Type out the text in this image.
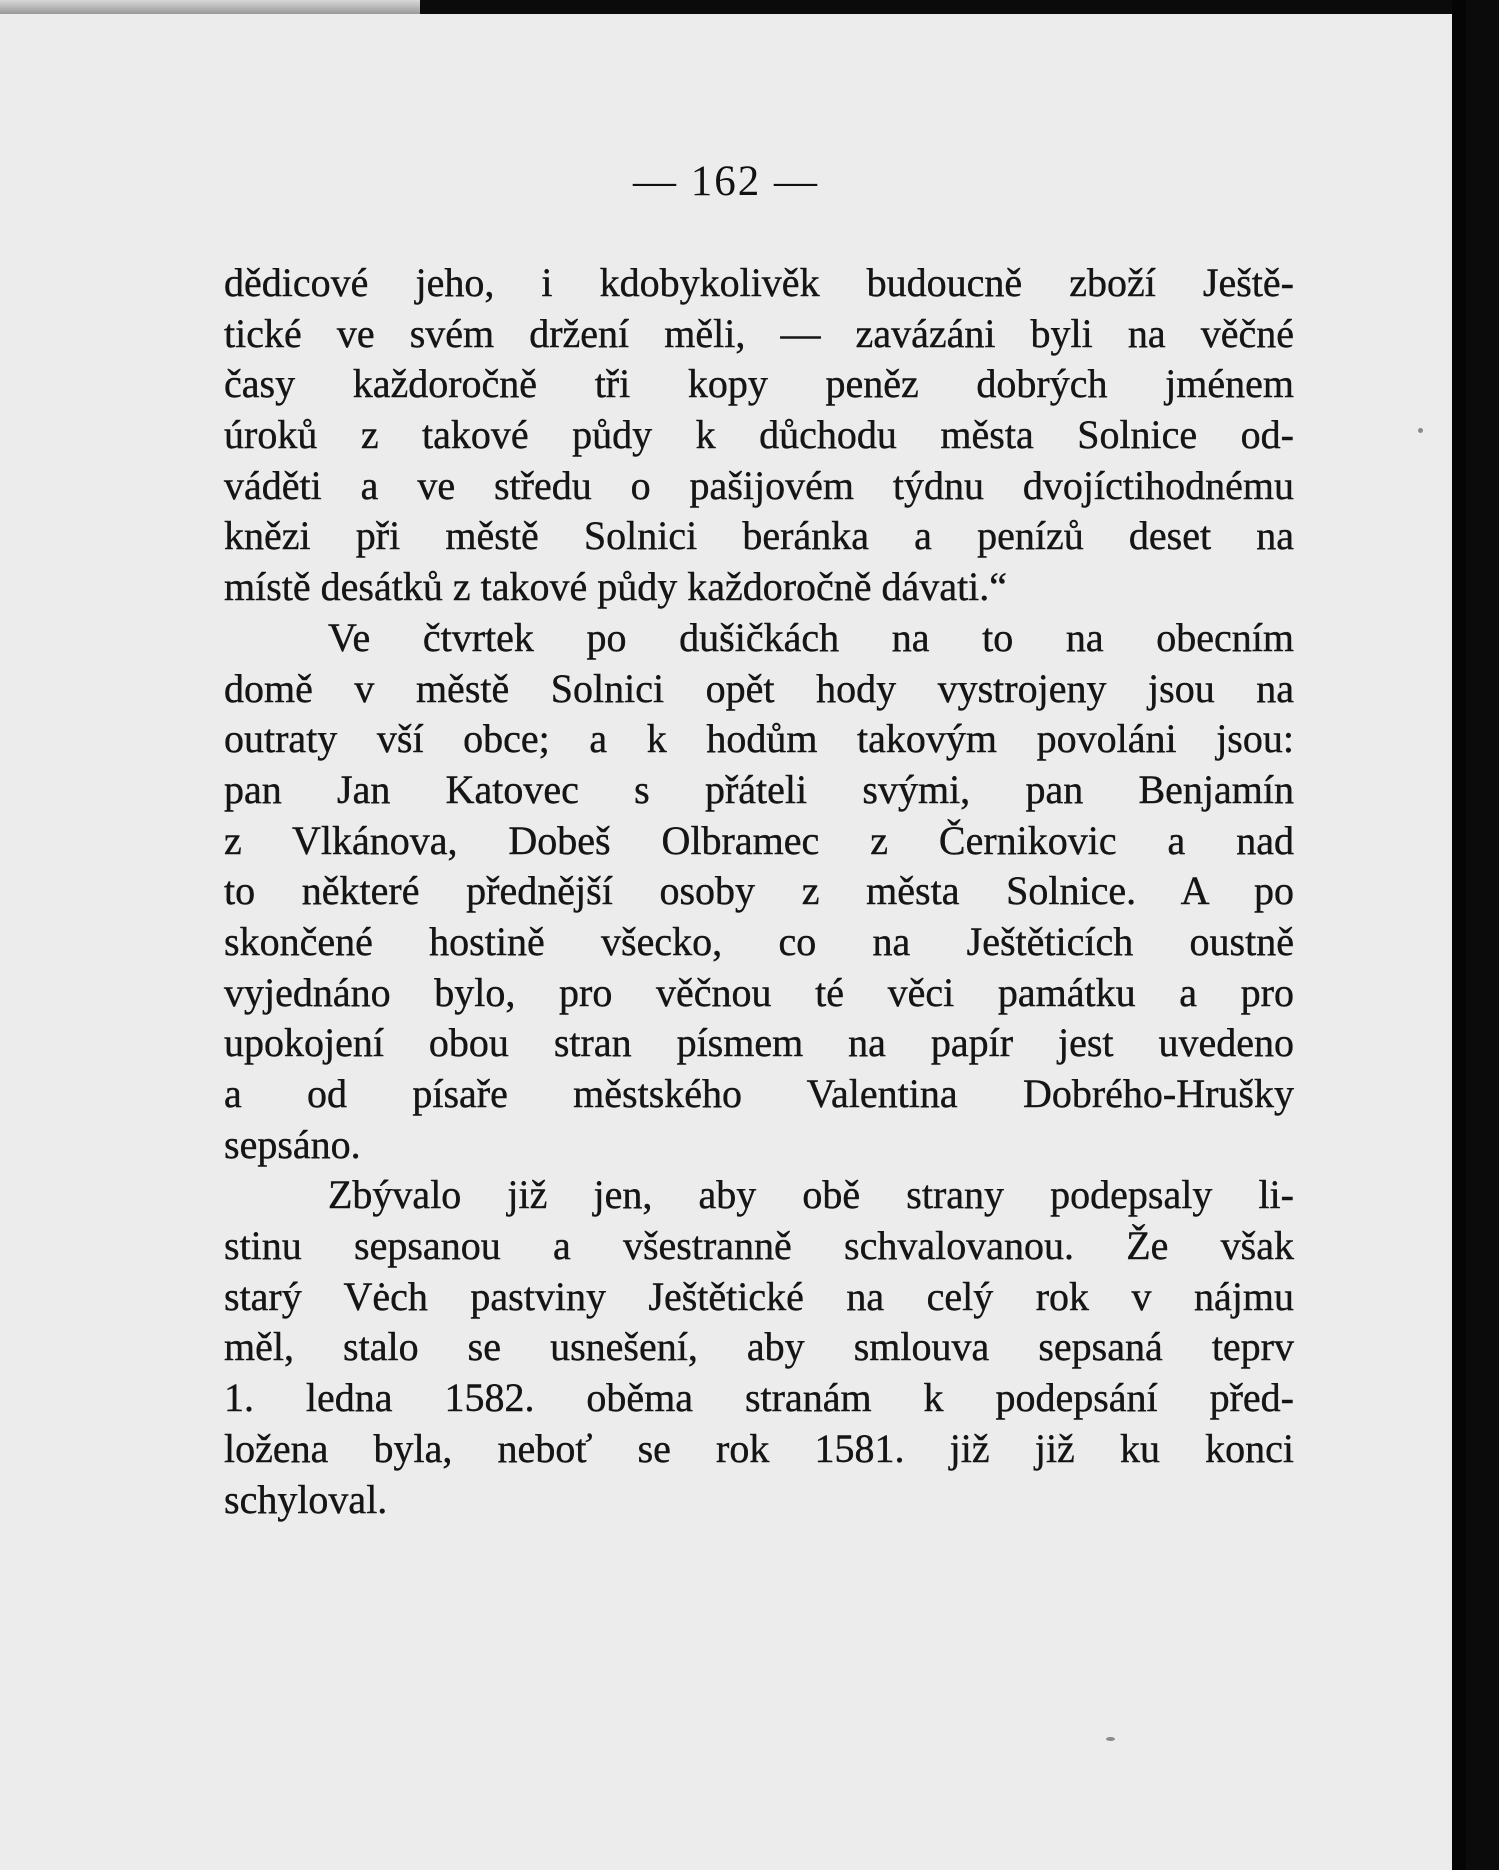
— 162 —
dědicové jeho, i kdobykolivěk budoucně zboží Ještě-
tické ve svém držení měli, — zavázáni byli na věčné
časy každoročně tři kopy peněz dobrých jménem
úroků z takové půdy k důchodu města Solnice od-
váděti a ve středu o pašijovém týdnu dvojíctihodnému
knězi při městě Solnici beránka a penízů deset na
místě desátků z takové půdy každoročně dávati.“
Ve čtvrtek po dušičkách na to na obecním
domě v městě Solnici opět hody vystrojeny jsou na
outraty vší obce; a k hodům takovým povoláni jsou:
pan Jan Katovec s přáteli svými, pan Benjamín
z Vlkánova, Dobeš Olbramec z Černikovic a nad
to některé přednější osoby z města Solnice. A po
skončené hostině všecko, co na Ještěticích oustně
vyjednáno bylo, pro věčnou té věci památku a pro
upokojení obou stran písmem na papír jest uvedeno
a od písaře městského Valentina Dobrého-Hrušky
sepsáno.
Zbývalo již jen, aby obě strany podepsaly li-
stinu sepsanou a všestranně schvalovanou. Že však
starý Vėch pastviny Ještětické na celý rok v nájmu
měl, stalo se usnešení, aby smlouva sepsaná teprv
1. ledna 1582. oběma stranám k podepsání před-
ložena byla, neboť se rok 1581. již již ku konci
schyloval.
